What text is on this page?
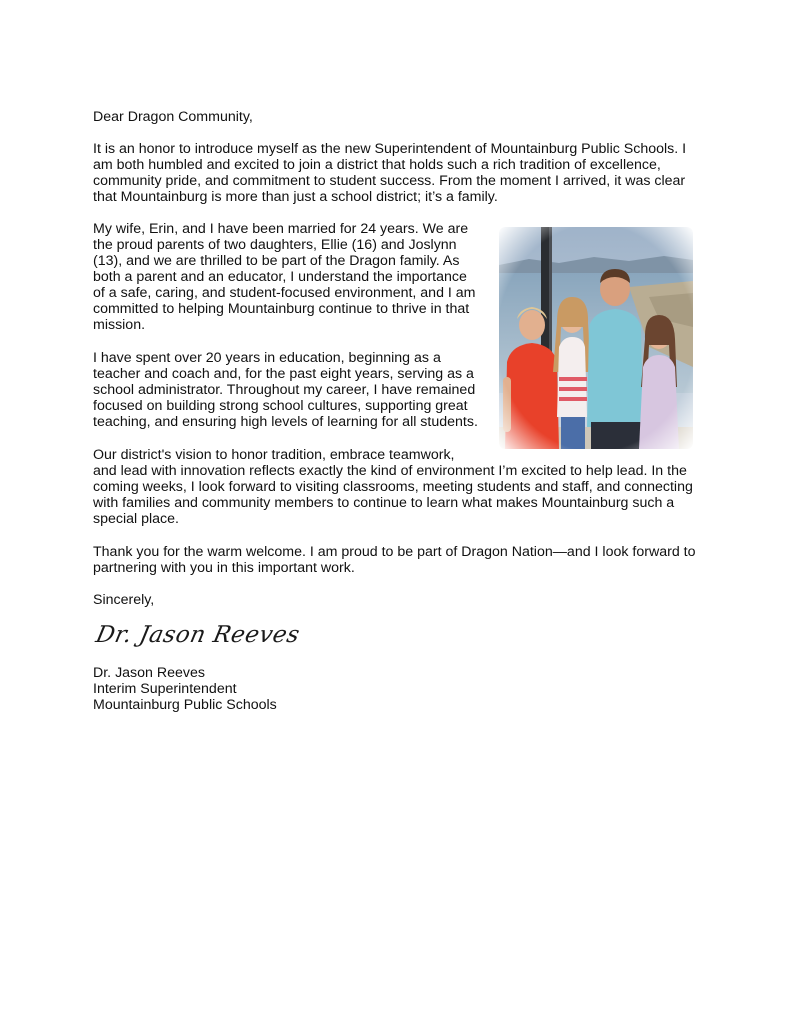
Dear Dragon Community,

It is an honor to introduce myself as the new Superintendent of Mountainburg Public Schools. I

am both humbled and excited to join a district that holds such a rich tradition of excellence,

community pride, and commitment to student success. From the moment I arrived, it was clear

that Mountainburg is more than just a school district; it’s a family.

My wife, Erin, and I have been married for 24 years. We are

the proud parents of two daughters, Ellie (16) and Joslynn

(13), and we are thrilled to be part of the Dragon family. As

both a parent and an educator, I understand the importance

of a safe, caring, and student-focused environment, and I am

committed to helping Mountainburg continue to thrive in that

mission.

I have spent over 20 years in education, beginning as a

teacher and coach and, for the past eight years, serving as a

school administrator. Throughout my career, I have remained

focused on building strong school cultures, supporting great

teaching, and ensuring high levels of learning for all students.

Our district's vision to honor tradition, embrace teamwork,

and lead with innovation reflects exactly the kind of environment I’m excited to help lead. In the

coming weeks, I look forward to visiting classrooms, meeting students and staff, and connecting

with families and community members to continue to learn what makes Mountainburg such a

special place.

Thank you for the warm welcome. I am proud to be part of Dragon Nation—and I look forward to

partnering with you in this important work.

Sincerely,

Dr. Jason Reeves

Dr. Jason Reeves

Interim Superintendent

Mountainburg Public Schools
